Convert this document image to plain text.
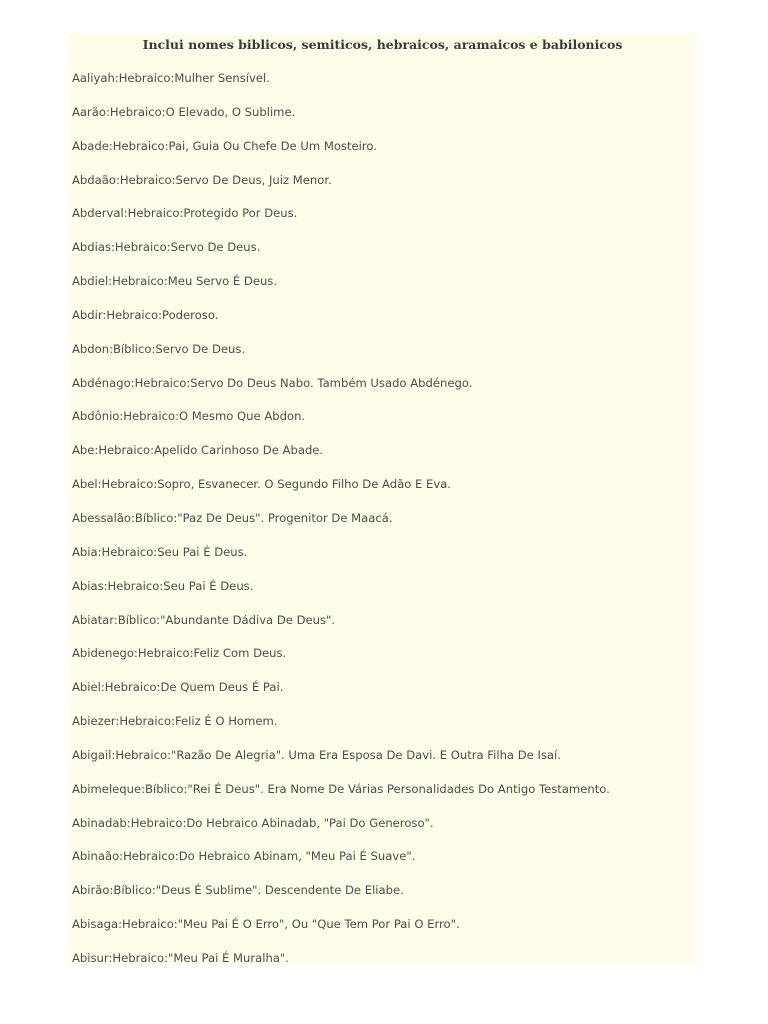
Inclui nomes biblicos, semiticos, hebraicos, aramaicos e babilonicos
Aaliyah:Hebraico:Mulher Sensível.
Aarão:Hebraico:O Elevado, O Sublime.
Abade:Hebraico:Pai, Guia Ou Chefe De Um Mosteiro.
Abdaão:Hebraico:Servo De Deus, Juiz Menor.
Abderval:Hebraico:Protegido Por Deus.
Abdias:Hebraico:Servo De Deus.
Abdiel:Hebraico:Meu Servo É Deus.
Abdir:Hebraico:Poderoso.
Abdon:Bíblico:Servo De Deus.
Abdénago:Hebraico:Servo Do Deus Nabo. Também Usado Abdénego.
Abdônio:Hebraico:O Mesmo Que Abdon.
Abe:Hebraico:Apelido Carinhoso De Abade.
Abel:Hebraico:Sopro, Esvanecer. O Segundo Filho De Adão E Eva.
Abessalão:Bíblico:"Paz De Deus". Progenitor De Maacá.
Abia:Hebraico:Seu Pai É Deus.
Abias:Hebraico:Seu Pai É Deus.
Abiatar:Bíblico:"Abundante Dádiva De Deus".
Abidenego:Hebraico:Feliz Com Deus.
Abiel:Hebraico:De Quem Deus É Pai.
Abiezer:Hebraico:Feliz É O Homem.
Abigail:Hebraico:"Razão De Alegria". Uma Era Esposa De Davi. E Outra Filha De Isaí.
Abimeleque:Bíblico:"Rei É Deus". Era Nome De Várias Personalidades Do Antigo Testamento.
Abinadab:Hebraico:Do Hebraico Abinadab, "Pai Do Generoso".
Abinaão:Hebraico:Do Hebraico Abinam, "Meu Pai É Suave".
Abirão:Bíblico:"Deus É Sublime". Descendente De Eliabe.
Abisaga:Hebraico:"Meu Pai É O Erro", Ou "Que Tem Por Pai O Erro".
Abisur:Hebraico:"Meu Pai É Muralha".
